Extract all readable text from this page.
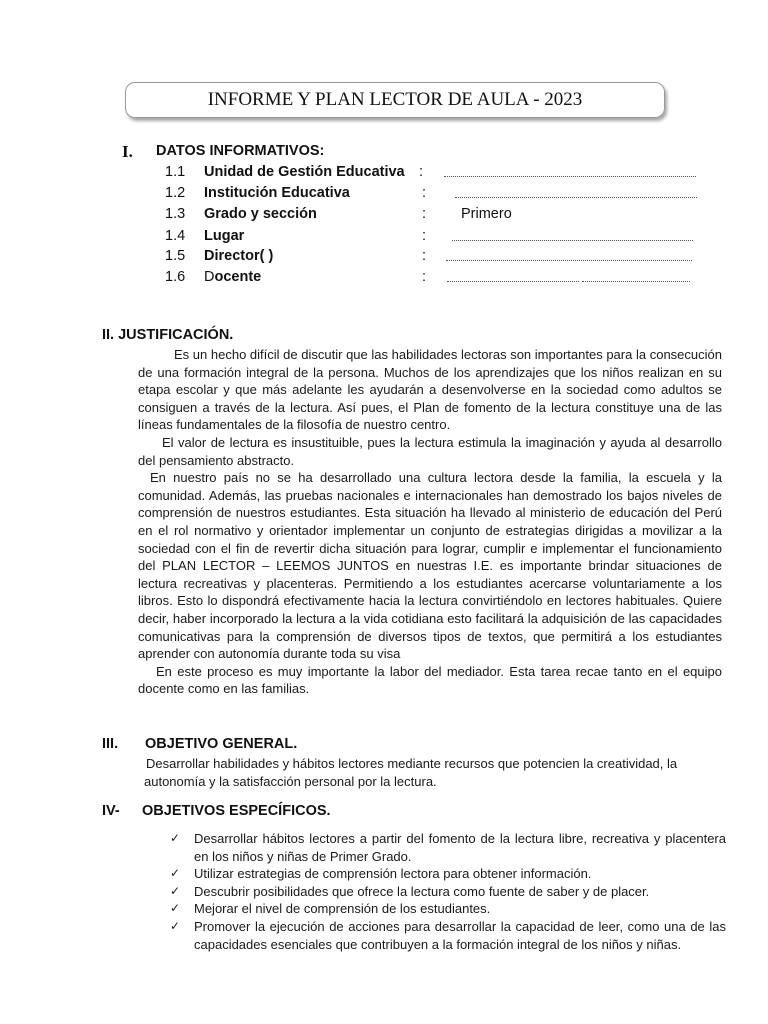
INFORME Y PLAN LECTOR DE AULA - 2023
I. DATOS INFORMATIVOS:
1.1 Unidad de Gestión Educativa :
1.2 Institución Educativa	:
1.3 Grado y sección	: Primero
1.4 Lugar	:
1.5 Director( )	:
1.6 Docente	:
II. JUSTIFICACIÓN.

Es un hecho difícil de discutir que las habilidades lectoras son importantes para la consecución de una formación integral de la persona. Muchos de los aprendizajes que los niños realizan en su etapa escolar y que más adelante les ayudarán a desenvolverse en la sociedad como adultos se consiguen a través de la lectura. Así pues, el Plan de fomento de la lectura constituye una de las líneas fundamentales de la filosofía de nuestro centro.

El valor de lectura es insustituible, pues la lectura estimula la imaginación y ayuda al desarrollo del pensamiento abstracto.

En nuestro país no se ha desarrollado una cultura lectora desde la familia, la escuela y la comunidad. Además, las pruebas nacionales e internacionales han demostrado los bajos niveles de comprensión de nuestros estudiantes. Esta situación ha llevado al ministerio de educación del Perú en el rol normativo y orientador implementar un conjunto de estrategias dirigidas a movilizar a la sociedad con el fin de revertir dicha situación para lograr, cumplir e implementar el funcionamiento del PLAN LECTOR – LEEMOS JUNTOS en nuestras I.E. es importante brindar situaciones de lectura recreativas y placenteras. Permitiendo a los estudiantes acercarse voluntariamente a los libros. Esto lo dispondrá efectivamente hacia la lectura convirtiéndolo en lectores habituales. Quiere decir, haber incorporado la lectura a la vida cotidiana esto facilitará la adquisición de las capacidades comunicativas para la comprensión de diversos tipos de textos, que permitirá a los estudiantes aprender con autonomía durante toda su visa

En este proceso es muy importante la labor del mediador. Esta tarea recae tanto en el equipo docente como en las familias.

III. OBJETIVO GENERAL.

Desarrollar habilidades y hábitos lectores mediante recursos que potencien la creatividad, la autonomía y la satisfacción personal por la lectura.

IV- OBJETIVOS ESPECÍFICOS.
✓ Desarrollar hábitos lectores a partir del fomento de la lectura libre, recreativa y placentera en los niños y niñas de Primer Grado.
✓ Utilizar estrategias de comprensión lectora para obtener información.
✓ Descubrir posibilidades que ofrece la lectura como fuente de saber y de placer.
✓ Mejorar el nivel de comprensión de los estudiantes.
✓ Promover la ejecución de acciones para desarrollar la capacidad de leer, como una de las capacidades esenciales que contribuyen a la formación integral de los niños y niñas.
